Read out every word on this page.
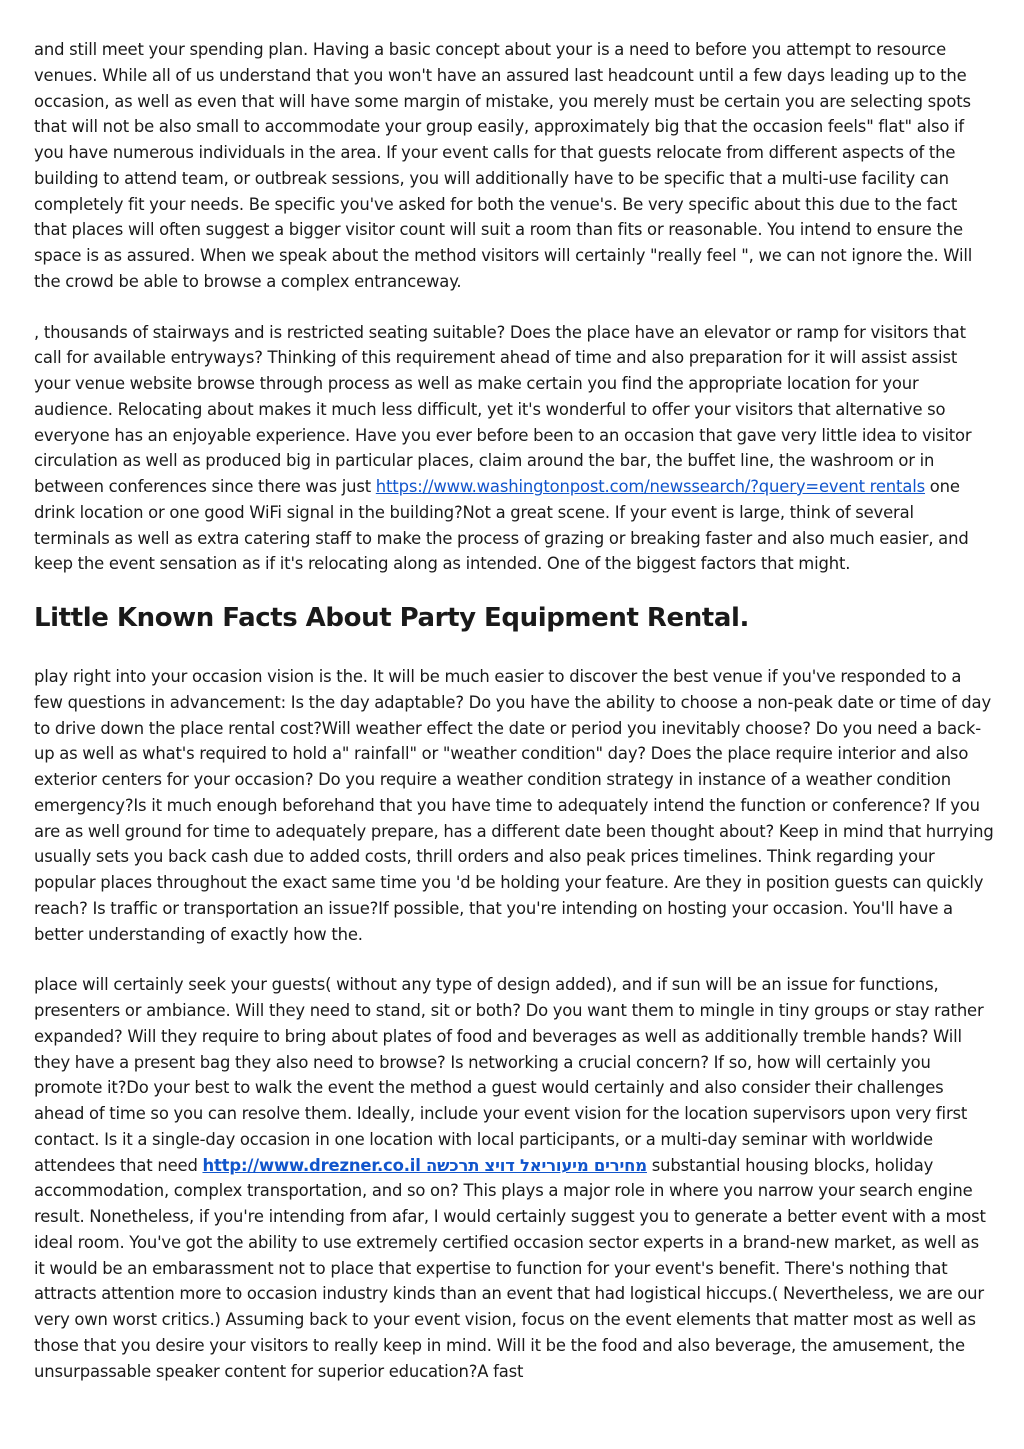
and still meet your spending plan. Having a basic concept about your is a need to before you attempt to resource venues. While all of us understand that you won't have an assured last headcount until a few days leading up to the occasion, as well as even that will have some margin of mistake, you merely must be certain you are selecting spots that will not be also small to accommodate your group easily, approximately big that the occasion feels" flat" also if you have numerous individuals in the area. If your event calls for that guests relocate from different aspects of the building to attend team, or outbreak sessions, you will additionally have to be specific that a multi-use facility can completely fit your needs. Be specific you've asked for both the venue's. Be very specific about this due to the fact that places will often suggest a bigger visitor count will suit a room than fits or reasonable. You intend to ensure the space is as assured. When we speak about the method visitors will certainly "really feel ", we can not ignore the. Will the crowd be able to browse a complex entranceway.

, thousands of stairways and is restricted seating suitable? Does the place have an elevator or ramp for visitors that call for available entryways? Thinking of this requirement ahead of time and also preparation for it will assist assist your venue website browse through process as well as make certain you find the appropriate location for your audience. Relocating about makes it much less difficult, yet it's wonderful to offer your visitors that alternative so everyone has an enjoyable experience. Have you ever before been to an occasion that gave very little idea to visitor circulation as well as produced big in particular places, claim around the bar, the buffet line, the washroom or in between conferences since there was just https://www.washingtonpost.com/newssearch/?query=event rentals one drink location or one good WiFi signal in the building?Not a great scene. If your event is large, think of several terminals as well as extra catering staff to make the process of grazing or breaking faster and also much easier, and keep the event sensation as if it's relocating along as intended. One of the biggest factors that might.

Little Known Facts About Party Equipment Rental.

play right into your occasion vision is the. It will be much easier to discover the best venue if you've responded to a few questions in advancement: Is the day adaptable? Do you have the ability to choose a non-peak date or time of day to drive down the place rental cost?Will weather effect the date or period you inevitably choose? Do you need a back-up as well as what's required to hold a" rainfall" or "weather condition" day? Does the place require interior and also exterior centers for your occasion? Do you require a weather condition strategy in instance of a weather condition emergency?Is it much enough beforehand that you have time to adequately intend the function or conference? If you are as well ground for time to adequately prepare, has a different date been thought about? Keep in mind that hurrying usually sets you back cash due to added costs, thrill orders and also peak prices timelines. Think regarding your popular places throughout the exact same time you 'd be holding your feature. Are they in position guests can quickly reach? Is traffic or transportation an issue?If possible, that you're intending on hosting your occasion. You'll have a better understanding of exactly how the.

place will certainly seek your guests( without any type of design added), and if sun will be an issue for functions, presenters or ambiance. Will they need to stand, sit or both? Do you want them to mingle in tiny groups or stay rather expanded? Will they require to bring about plates of food and beverages as well as additionally tremble hands? Will they have a present bag they also need to browse? Is networking a crucial concern? If so, how will certainly you promote it?Do your best to walk the event the method a guest would certainly and also consider their challenges ahead of time so you can resolve them. Ideally, include your event vision for the location supervisors upon very first contact. Is it a single-day occasion in one location with local participants, or a multi-day seminar with worldwide attendees that need http://www.drezner.co.il מחירים מיעוריאל דויצ תרכשה substantial housing blocks, holiday accommodation, complex transportation, and so on? This plays a major role in where you narrow your search engine result. Nonetheless, if you're intending from afar, I would certainly suggest you to generate a better event with a most ideal room. You've got the ability to use extremely certified occasion sector experts in a brand-new market, as well as it would be an embarassment not to place that expertise to function for your event's benefit. There's nothing that attracts attention more to occasion industry kinds than an event that had logistical hiccups.( Nevertheless, we are our very own worst critics.) Assuming back to your event vision, focus on the event elements that matter most as well as those that you desire your visitors to really keep in mind. Will it be the food and also beverage, the amusement, the unsurpassable speaker content for superior education?A fast
